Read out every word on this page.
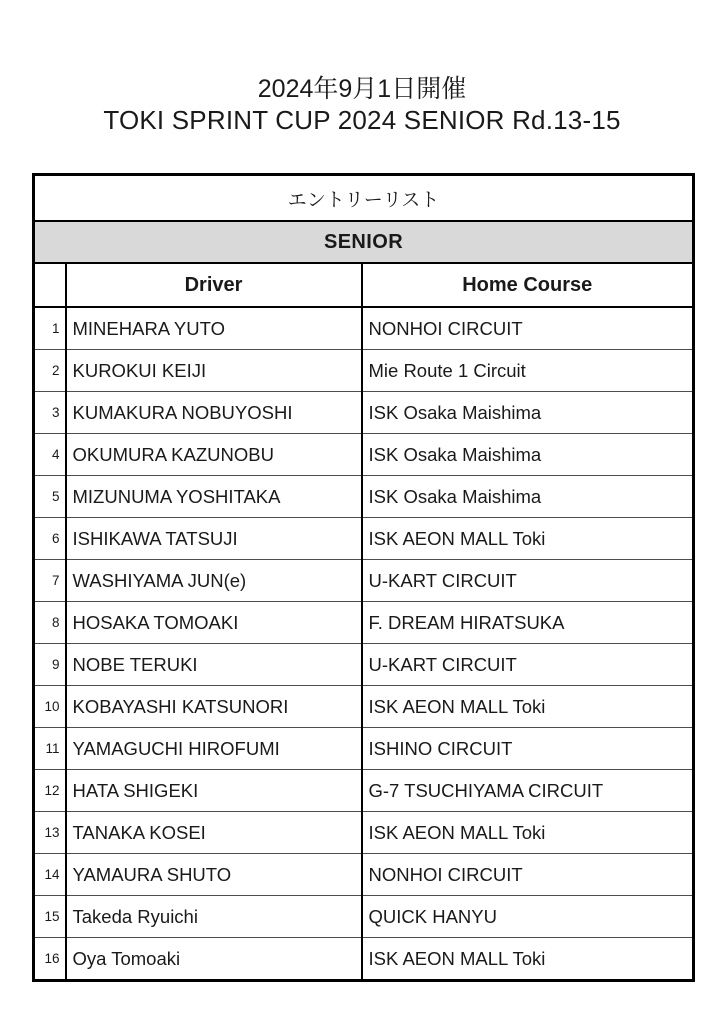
2024年9月1日開催
TOKI SPRINT CUP 2024 SENIOR Rd.13-15
エントリーリスト		
SENIOR		
	Driver	Home Course
1	MINEHARA YUTO	NONHOI CIRCUIT
2	KUROKUI KEIJI	Mie Route 1 Circuit
3	KUMAKURA NOBUYOSHI	ISK Osaka Maishima
4	OKUMURA KAZUNOBU	ISK Osaka Maishima
5	MIZUNUMA YOSHITAKA	ISK Osaka Maishima
6	ISHIKAWA TATSUJI	ISK AEON MALL Toki
7	WASHIYAMA JUN(e)	U-KART CIRCUIT
8	HOSAKA TOMOAKI	F. DREAM HIRATSUKA
9	NOBE TERUKI	U-KART CIRCUIT
10	KOBAYASHI KATSUNORI	ISK AEON MALL Toki
11	YAMAGUCHI HIROFUMI	ISHINO CIRCUIT
12	HATA SHIGEKI	G-7 TSUCHIYAMA CIRCUIT
13	TANAKA KOSEI	ISK AEON MALL Toki
14	YAMAURA SHUTO	NONHOI CIRCUIT
15	Takeda Ryuichi	QUICK HANYU
16	Oya Tomoaki	ISK AEON MALL Toki
